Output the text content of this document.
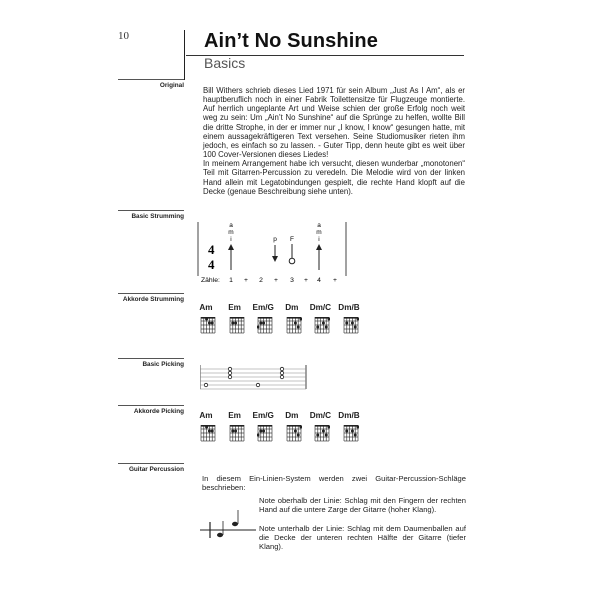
10	Ain’t No Sunshine
Basics
Original
Basic Strumming
Akkorde Strumming
Basic Picking
Akkorde Picking
Guitar Percussion

Bill Withers schrieb dieses Lied 1971 für sein Album „Just As I Am“, als er hauptberuflich noch in einer Fabrik Toilettensitze für Flugzeuge montierte. Auf herrlich ungeplante Art und Weise schien der große Erfolg noch weit weg zu sein: Um „Ain’t No Sunshine“ auf die Sprünge zu helfen, wollte Bill die dritte Strophe, in der er immer nur „I know, I know“ gesungen hatte, mit einem aussagekräftigeren Text versehen. Seine Studiomusiker rieten ihm jedoch, es einfach so zu lassen. - Guter Tipp, denn heute gibt es weit über 100 Cover-Versionen dieses Liedes!

In meinem Arrangement habe ich versucht, diesen wunderbar „monotonen“ Teil mit Gitarren-Percussion zu veredeln. Die Melodie wird von der linken Hand allein mit Legatobindungen gespielt, die rechte Hand klopft auf die Decke (genaue Beschreibung siehe unten).

4
4
a
m
i	p F
a
m
i
Zähle: 1 + 2 + 3 + 4 +
Am	Em	Em/G	Dm	Dm/C Dm/B
Am	Em	Em/G	Dm	Dm/C Dm/B
In diesem Ein-Linien-System werden zwei Guitar-Percussion-Schläge beschrieben:
Note oberhalb der Linie: Schlag mit den Fingern der rechten Hand auf die untere Zarge der Gitarre (hoher Klang).
Note unterhalb der Linie: Schlag mit dem Daumenballen auf die Decke der unteren rechten Hälfte der Gitarre (tiefer Klang).
